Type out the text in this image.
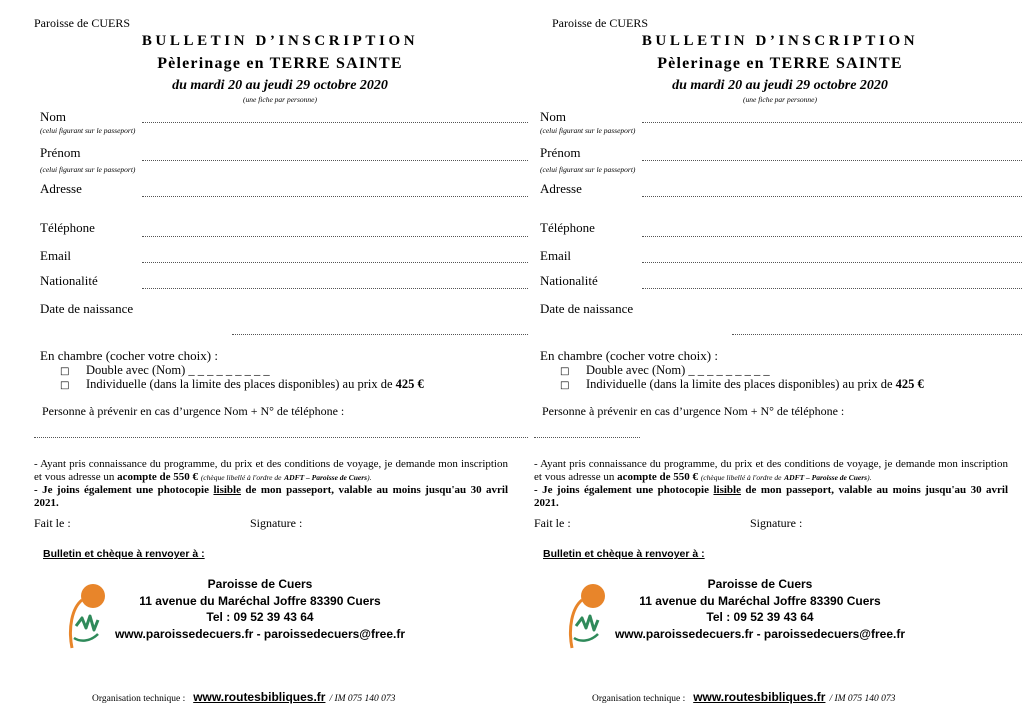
Paroisse de CUERS
BULLETIN D’INSCRIPTION
Pèlerinage en TERRE SAINTE
du mardi 20 au jeudi 29 octobre 2020
(une fiche par personne)
Nom
(celui figurant sur le passeport)
Prénom
(celui figurant sur le passeport)
Adresse
Téléphone
Email
Nationalité
Date de naissance
En chambre (cocher votre choix) :
□ Double avec (Nom) _ _ _ _ _ _ _ _ _
□ Individuelle (dans la limite des places disponibles) au prix de 425 €
Personne à prévenir en cas d’urgence Nom + N° de téléphone :
- Ayant pris connaissance du programme, du prix et des conditions de voyage, je demande mon inscription et vous adresse un acompte de 550 € (chèque libellé à l'ordre de ADFT – Paroisse de Cuers).
- Je joins également une photocopie lisible de mon passeport, valable au moins jusqu'au 30 avril 2021.
Fait le :	Signature :
Bulletin et chèque à renvoyer à :
Paroisse de Cuers
11 avenue du Maréchal Joffre 83390 Cuers
Tel : 09 52 39 43 64
www.paroissedecuers.fr - paroissedecuers@free.fr
Organisation technique : www.routesbibliques.fr / IM 075 140 073
Paroisse de CUERS
BULLETIN D’INSCRIPTION
Pèlerinage en TERRE SAINTE
du mardi 20 au jeudi 29 octobre 2020
(une fiche par personne)
Nom
(celui figurant sur le passeport)
Prénom
(celui figurant sur le passeport)
Adresse
Téléphone
Email
Nationalité
Date de naissance
En chambre (cocher votre choix) :
□ Double avec (Nom) _ _ _ _ _ _ _ _ _
□ Individuelle (dans la limite des places disponibles) au prix de 425 €
Personne à prévenir en cas d’urgence Nom + N° de téléphone :
- Ayant pris connaissance du programme, du prix et des conditions de voyage, je demande mon inscription et vous adresse un acompte de 550 € (chèque libellé à l'ordre de ADFT – Paroisse de Cuers).
- Je joins également une photocopie lisible de mon passeport, valable au moins jusqu'au 30 avril 2021.
Fait le :	Signature :
Bulletin et chèque à renvoyer à :
Paroisse de Cuers
11 avenue du Maréchal Joffre 83390 Cuers
Tel : 09 52 39 43 64
www.paroissedecuers.fr - paroissedecuers@free.fr
Organisation technique : www.routesbibliques.fr / IM 075 140 073
